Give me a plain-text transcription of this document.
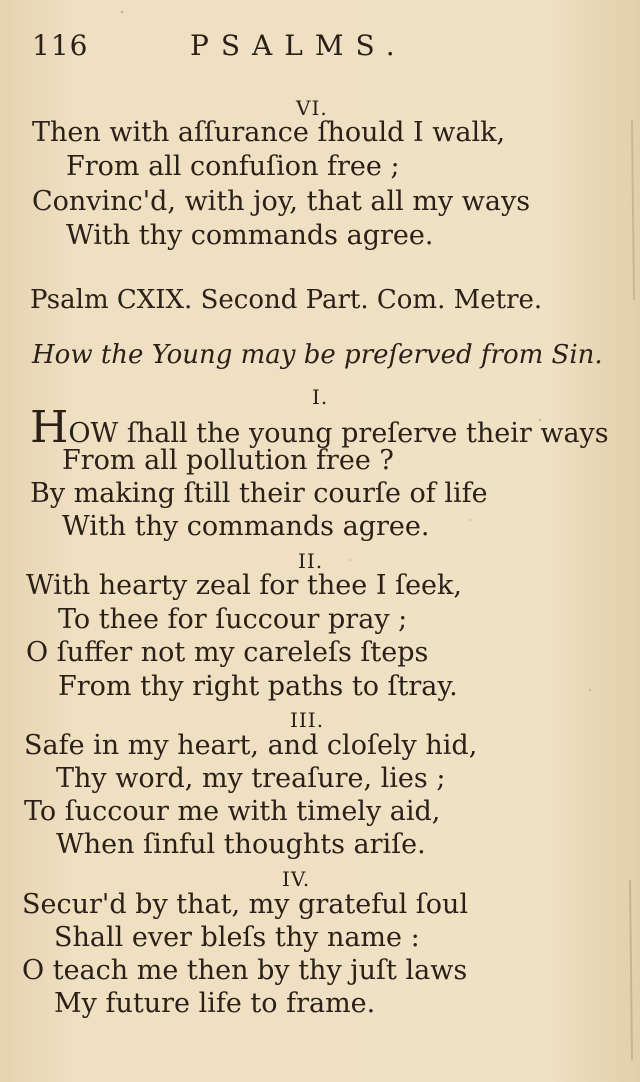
116	PSALMS.
VI.
Then with aſſurance ſhould I walk,
From all confuſion free ;
Convinc'd, with joy, that all my ways
With thy commands agree.
Psalm CXIX. Second Part. Com. Metre.
How the Young may be preſerved from Sin.
I.
HOW ſhall the young preſerve their ways
From all pollution free ?
By making ſtill their courſe of life
With thy commands agree.
II.
With hearty zeal for thee I ſeek,
To thee for ſuccour pray ;
O ſuffer not my careleſs ſteps
From thy right paths to ſtray.
III.
Safe in my heart, and cloſely hid,
Thy word, my treaſure, lies ;
To ſuccour me with timely aid,
When ſinful thoughts ariſe.
IV.
Secur'd by that, my grateful ſoul
Shall ever bleſs thy name :
O teach me then by thy juſt laws
My future life to frame.
